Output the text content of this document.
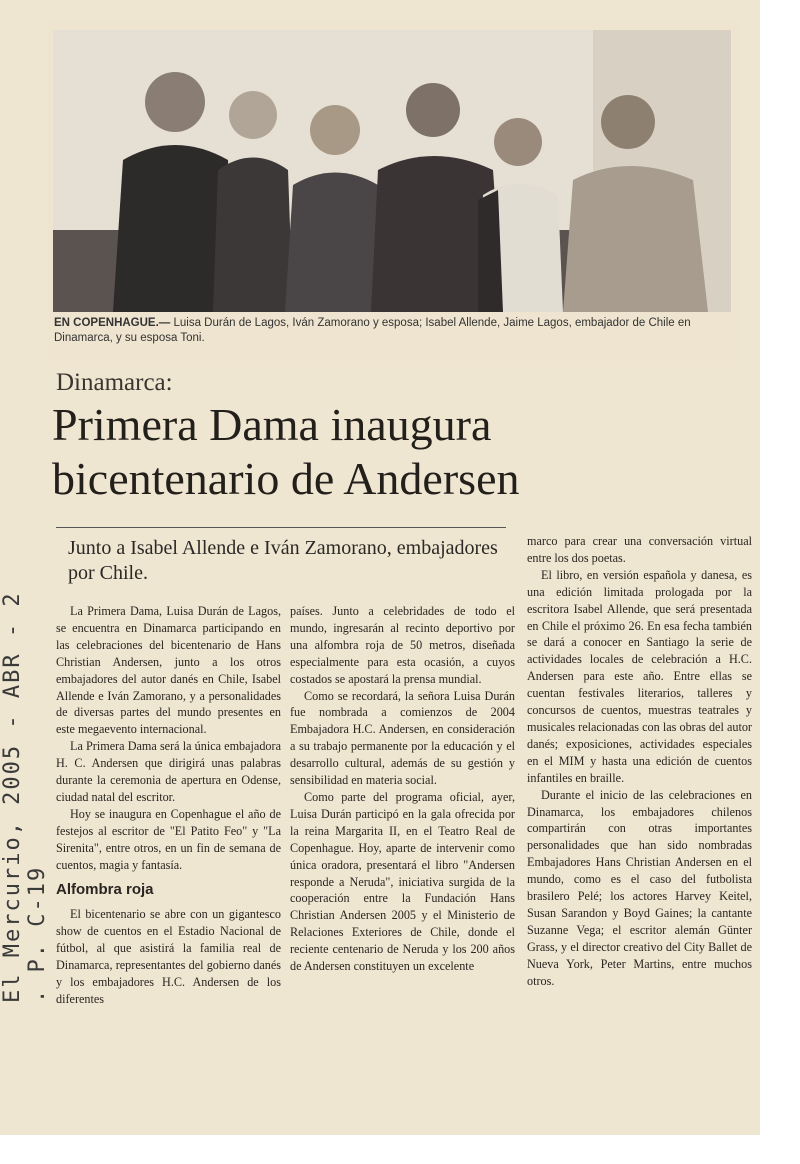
EN COPENHAGUE.— Luisa Durán de Lagos, Iván Zamorano y esposa; Isabel Allende, Jaime Lagos, embajador de Chile en Dinamarca, y su esposa Toni.
El Mercurio, 2005 - ABR - 2 . P. C-19
Dinamarca:
Primera Dama inaugura bicentenario de Andersen
Junto a Isabel Allende e Iván Zamorano, embajadores por Chile.

La Primera Dama, Luisa Durán de Lagos, se encuentra en Dinamarca participando en las celebraciones del bicentenario de Hans Christian Andersen, junto a los otros embajadores del autor danés en Chile, Isabel Allende e Iván Zamorano, y a personalidades de diversas partes del mundo presentes en este megaevento internacional.

La Primera Dama será la única embajadora H. C. Andersen que dirigirá unas palabras durante la ceremonia de apertura en Odense, ciudad natal del escritor.

Hoy se inaugura en Copenhague el año de festejos al escritor de "El Patito Feo" y "La Sirenita", entre otros, en un fin de semana de cuentos, magia y fantasía.

Alfombra roja

El bicentenario se abre con un gigantesco show de cuentos en el Estadio Nacional de fútbol, al que asistirá la familia real de Dinamarca, representantes del gobierno danés y los embajadores H.C. Andersen de los diferentes

países. Junto a celebridades de todo el mundo, ingresarán al recinto deportivo por una alfombra roja de 50 metros, diseñada especialmente para esta ocasión, a cuyos costados se apostará la prensa mundial.

Como se recordará, la señora Luisa Durán fue nombrada a comienzos de 2004 Embajadora H.C. Andersen, en consideración a su trabajo permanente por la educación y el desarrollo cultural, además de su gestión y sensibilidad en materia social.

Como parte del programa oficial, ayer, Luisa Durán participó en la gala ofrecida por la reina Margarita II, en el Teatro Real de Copenhague. Hoy, aparte de intervenir como única oradora, presentará el libro "Andersen responde a Neruda", iniciativa surgida de la cooperación entre la Fundación Hans Christian Andersen 2005 y el Ministerio de Relaciones Exteriores de Chile, donde el reciente centenario de Neruda y los 200 años de Andersen constituyen un excelente

marco para crear una conversación virtual entre los dos poetas.

El libro, en versión española y danesa, es una edición limitada prologada por la escritora Isabel Allende, que será presentada en Chile el próximo 26. En esa fecha también se dará a conocer en Santiago la serie de actividades locales de celebración a H.C. Andersen para este año. Entre ellas se cuentan festivales literarios, talleres y concursos de cuentos, muestras teatrales y musicales relacionadas con las obras del autor danés; exposiciones, actividades especiales en el MIM y hasta una edición de cuentos infantiles en braille.

Durante el inicio de las celebraciones en Dinamarca, los embajadores chilenos compartirán con otras importantes personalidades que han sido nombradas Embajadores Hans Christian Andersen en el mundo, como es el caso del futbolista brasilero Pelé; los actores Harvey Keitel, Susan Sarandon y Boyd Gaines; la cantante Suzanne Vega; el escritor alemán Günter Grass, y el director creativo del City Ballet de Nueva York, Peter Martins, entre muchos otros.
